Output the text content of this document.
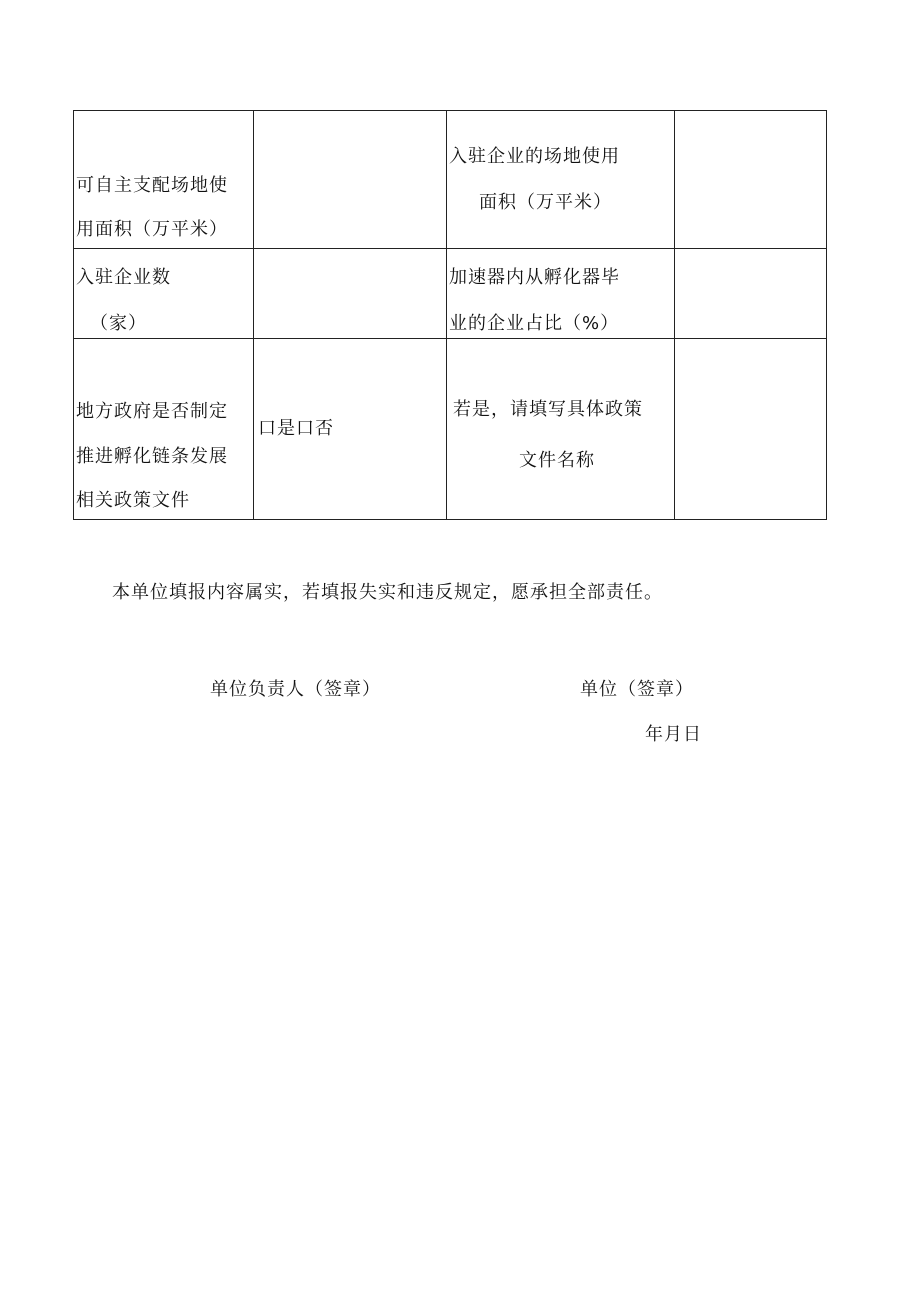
可自主支配场地使
用面积（万平米）		入驻企业的场地使用
面积（万平米）	

入驻企业数
（家）		加速器内从孵化器毕
业的企业占比（%）	

地方政府是否制定
推进孵化链条发展
相关政策文件	口是口否	若是，请填写具体政策
文件名称	

本单位填报内容属实，若填报失实和违反规定，愿承担全部责任。
单位负责人（签章）	单位（签章）
年月日
